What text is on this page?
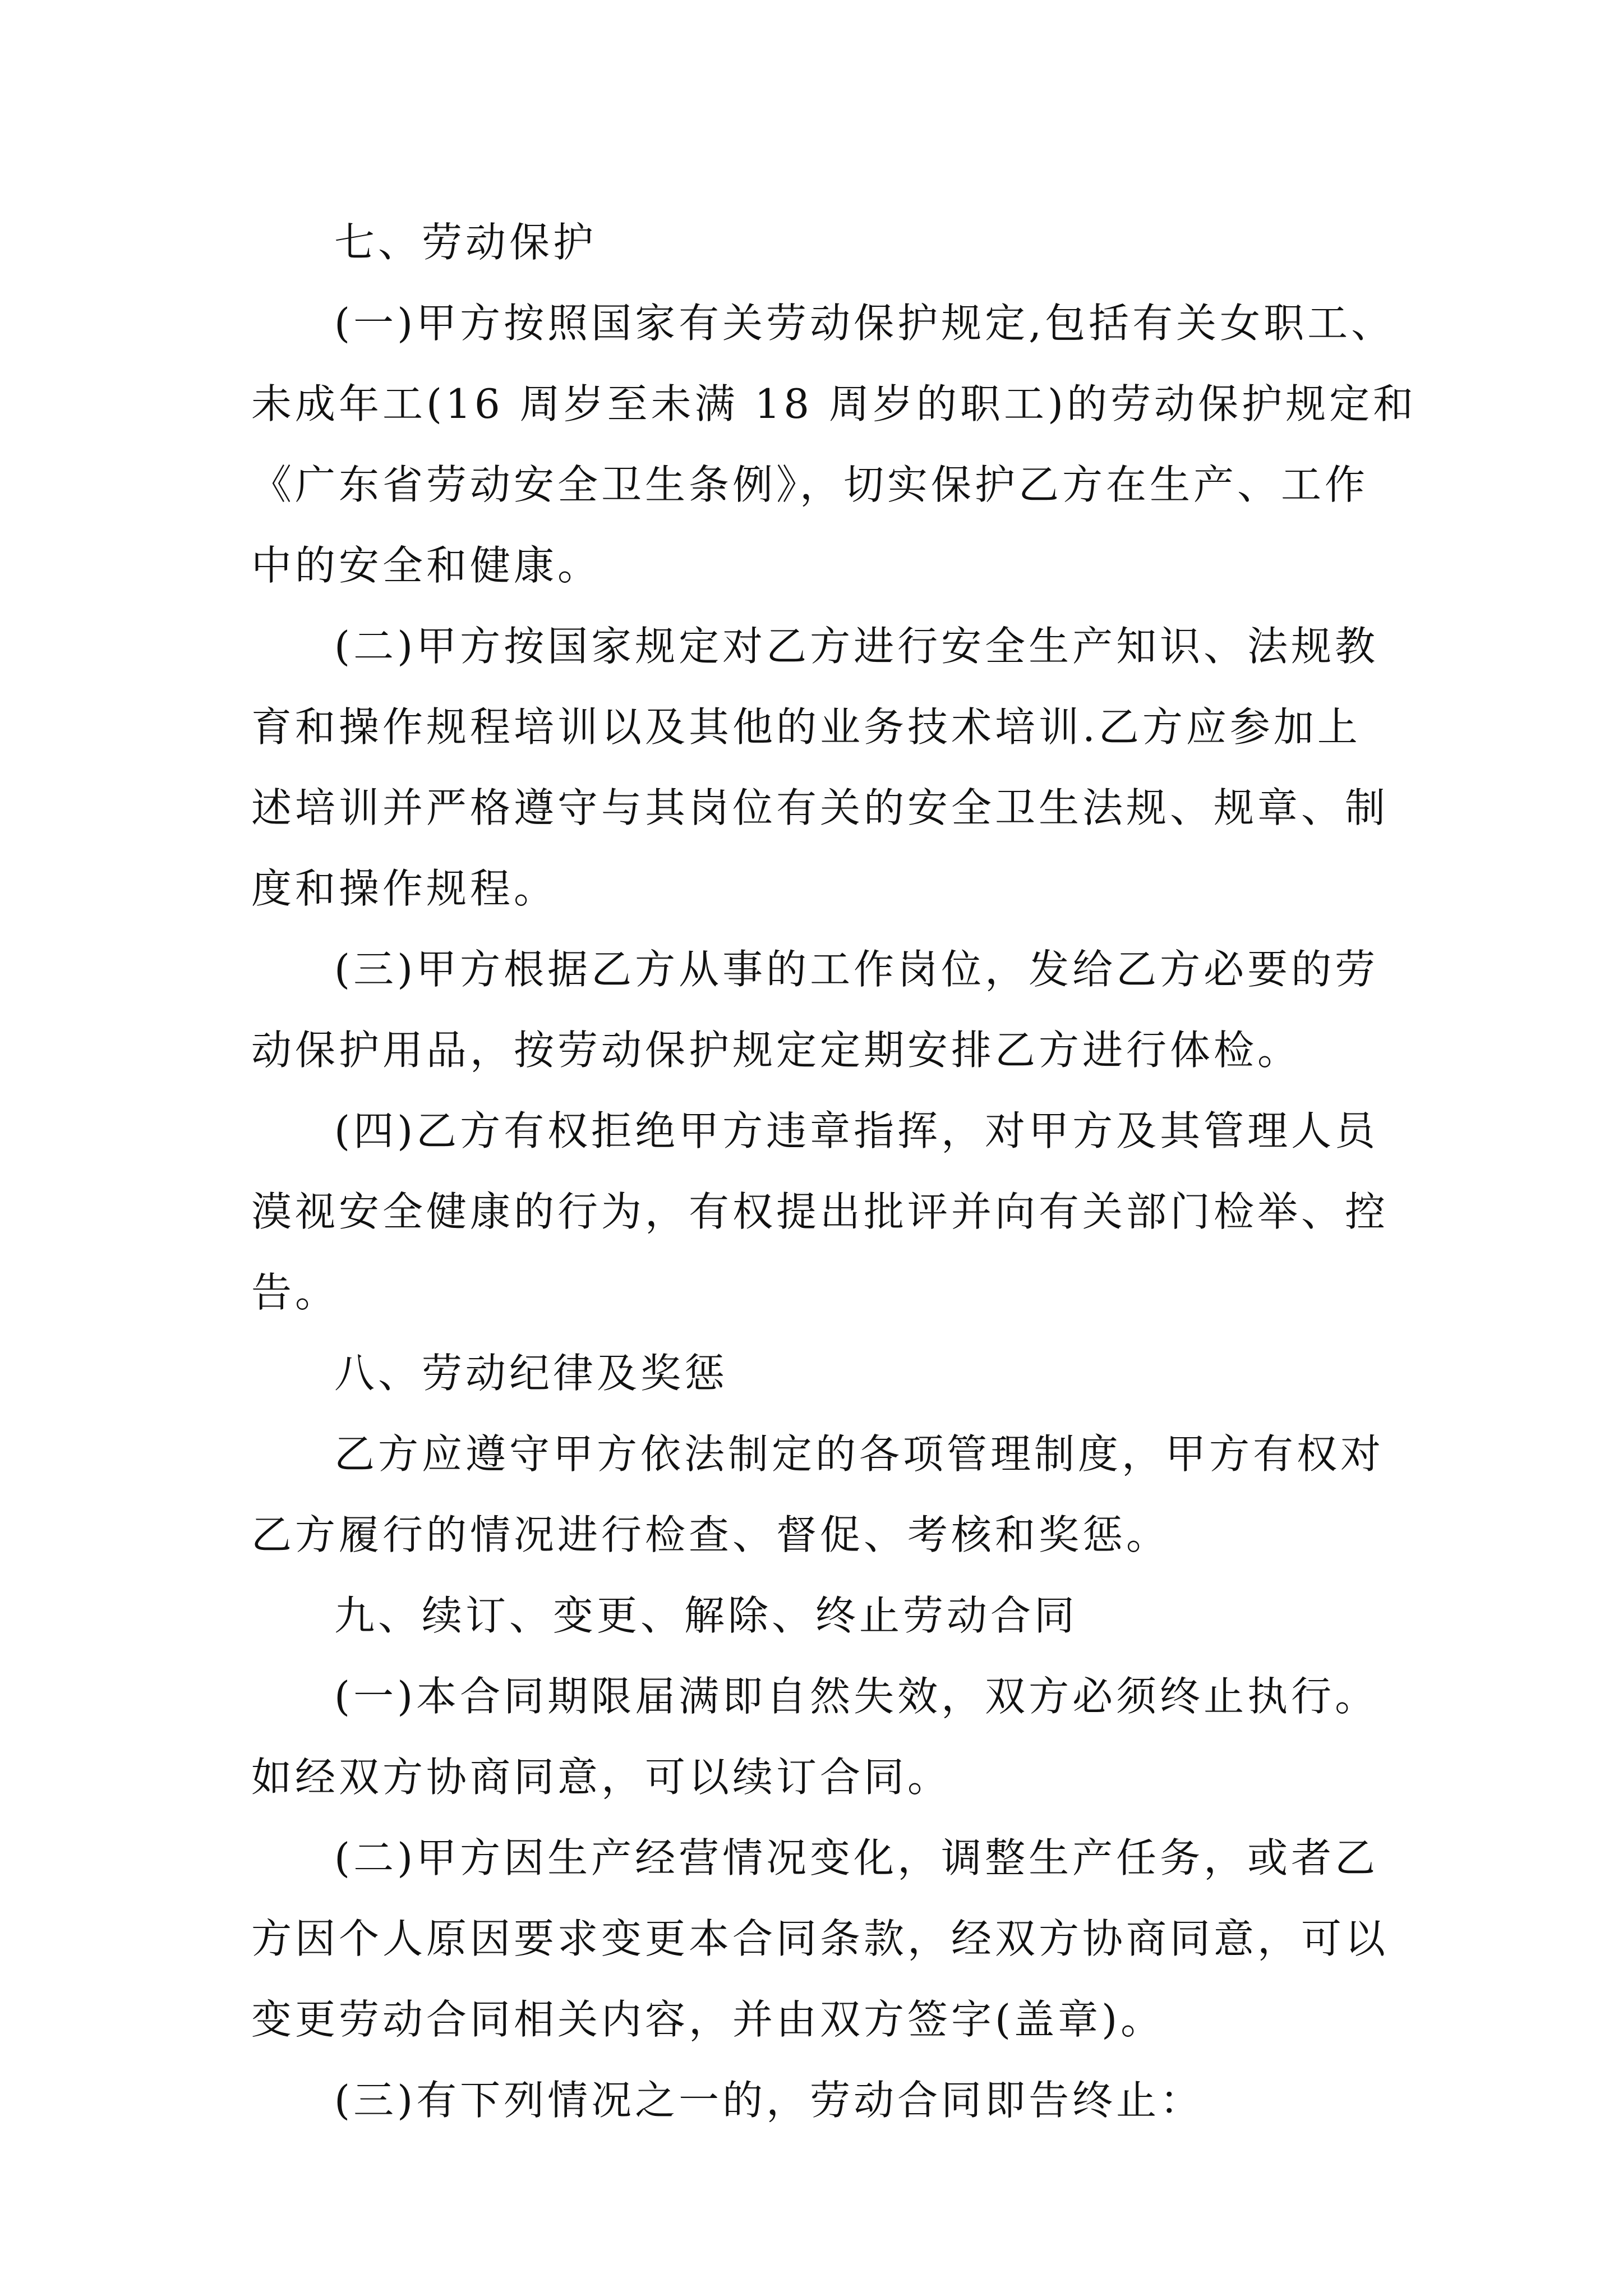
七、劳动保护
(一)甲方按照国家有关劳动保护规定,包括有关女职工、
未成年工(16 周岁至未满 18 周岁的职工)的劳动保护规定和
《广东省劳动安全卫生条例》，切实保护乙方在生产、工作
中的安全和健康。
(二)甲方按国家规定对乙方进行安全生产知识、法规教
育和操作规程培训以及其他的业务技术培训.乙方应参加上
述培训并严格遵守与其岗位有关的安全卫生法规、规章、制
度和操作规程。
(三)甲方根据乙方从事的工作岗位，发给乙方必要的劳
动保护用品，按劳动保护规定定期安排乙方进行体检。
(四)乙方有权拒绝甲方违章指挥，对甲方及其管理人员
漠视安全健康的行为，有权提出批评并向有关部门检举、控
告。
八、劳动纪律及奖惩
乙方应遵守甲方依法制定的各项管理制度，甲方有权对
乙方履行的情况进行检查、督促、考核和奖惩。
九、续订、变更、解除、终止劳动合同
(一)本合同期限届满即自然失效，双方必须终止执行。
如经双方协商同意，可以续订合同。
(二)甲方因生产经营情况变化，调整生产任务，或者乙
方因个人原因要求变更本合同条款，经双方协商同意，可以
变更劳动合同相关内容，并由双方签字(盖章)。
(三)有下列情况之一的，劳动合同即告终止：
